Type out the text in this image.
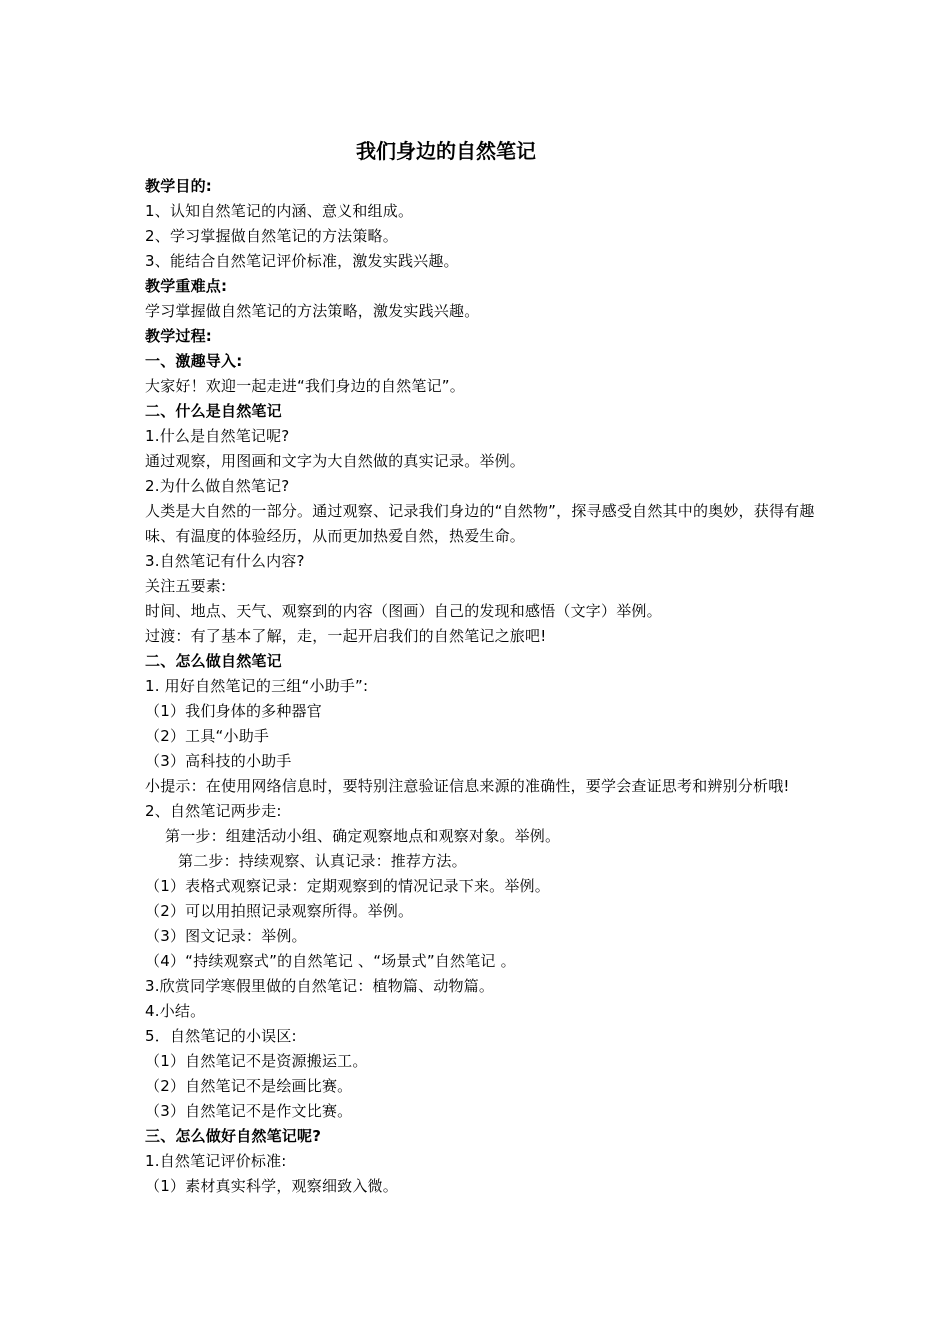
我们身边的自然笔记
教学目的:
1、认知自然笔记的内涵、意义和组成。
2、学习掌握做自然笔记的方法策略。
3、能结合自然笔记评价标准，激发实践兴趣。
教学重难点:
学习掌握做自然笔记的方法策略，激发实践兴趣。
教学过程:
一、激趣导入:
大家好！欢迎一起走进“我们身边的自然笔记”。
二、什么是自然笔记
1.什么是自然笔记呢?
通过观察，用图画和文字为大自然做的真实记录。举例。
2.为什么做自然笔记?
人类是大自然的一部分。通过观察、记录我们身边的“自然物”，探寻感受自然其中的奥妙，获得有趣味、有温度的体验经历，从而更加热爱自然，热爱生命。
3.自然笔记有什么内容?
关注五要素:
时间、地点、天气、观察到的内容（图画）自己的发现和感悟（文字）举例。
过渡：有了基本了解，走，一起开启我们的自然笔记之旅吧!
二、怎么做自然笔记
1. 用好自然笔记的三组“小助手”:
（1）我们身体的多种器官
（2）工具“小助手
（3）高科技的小助手
小提示：在使用网络信息时，要特别注意验证信息来源的准确性，要学会查证思考和辨别分析哦!
2、自然笔记两步走:
第一步：组建活动小组、确定观察地点和观察对象。举例。
第二步：持续观察、认真记录：推荐方法。
（1）表格式观察记录：定期观察到的情况记录下来。举例。
（2）可以用拍照记录观察所得。举例。
（3）图文记录：举例。
（4）“持续观察式”的自然笔记 、“场景式”自然笔记 。
3.欣赏同学寒假里做的自然笔记：植物篇、动物篇。
4.小结。
5．自然笔记的小误区:
（1）自然笔记不是资源搬运工。
（2）自然笔记不是绘画比赛。
（3）自然笔记不是作文比赛。
三、怎么做好自然笔记呢?
1.自然笔记评价标准:
（1）素材真实科学，观察细致入微。
